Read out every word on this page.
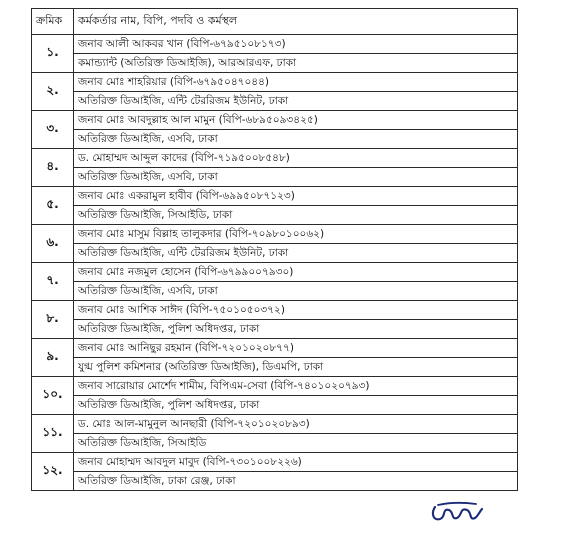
ক্রমিক	কর্মকর্তার নাম, বিপি, পদবি ও কর্মস্থল
১.	জনাব আলী আকবর খান (বিপি-৬৭৯৫১০৮১৭৩)
কমান্ড্যান্ট (অতিরিক্ত ডিআইজি), আরআরএফ, ঢাকা

২.	জনাব মোঃ শাহরিয়ার (বিপি-৬৭৯৫০৪৭০৪৪)
অতিরিক্ত ডিআইজি, এন্টি টেররিজম ইউনিট, ঢাকা

৩.	জনাব মোঃ আবদুল্লাহ আল মামুন (বিপি-৬৮৯৫০৯৩৪২৫)
অতিরিক্ত ডিআইজি, এসবি, ঢাকা

৪.	ড. মোহাম্মদ আব্দুল কাদের (বিপি-৭১৯৫০০৮৫৪৮)
অতিরিক্ত ডিআইজি, এসবি, ঢাকা

৫.	জনাব মোঃ একরামুল হাবীব (বিপি-৬৯৯৫০৮৭১২৩)
অতিরিক্ত ডিআইজি, সিআইডি, ঢাকা

৬.	জনাব মোঃ মাসুম বিল্লাহ তালুকদার (বিপি-৭০৯৮০১০০৬২)
অতিরিক্ত ডিআইজি, এন্টি টেররিজম ইউনিট, ঢাকা

৭.	জনাব মোঃ নজমুল হোসেন (বিপি-৬৭৯৯০০৭৯৩০)
অতিরিক্ত ডিআইজি, এসবি, ঢাকা

৮.	জনাব মোঃ আশিক সাঈদ (বিপি-৭৫০১০৫০৩৭২)
অতিরিক্ত ডিআইজি, পুলিশ অধিদপ্তর, ঢাকা

৯.	জনাব মোঃ আনিছুর রহমান (বিপি-৭২০১০২০৮৭৭)
যুগ্ম পুলিশ কমিশনার (অতিরিক্ত ডিআইজি), ডিএমপি, ঢাকা

১০.	জনাব সারোয়ার মোর্শেদ শামীম, বিপিএম-সেবা (বিপি-৭৪০১০২০৭৯৩)
অতিরিক্ত ডিআইজি, পুলিশ অধিদপ্তর, ঢাকা

১১.	ড. মোঃ আল-মামুনুল আনছারী (বিপি-৭২০১০২০৮৯৩)
অতিরিক্ত ডিআইজি, সিআইডি

১২.	জনাব মোহাম্মদ আবদুল মাবুদ (বিপি-৭৩০১০০৮২২৬)
অতিরিক্ত ডিআইজি, ঢাকা রেঞ্জ, ঢাকা
